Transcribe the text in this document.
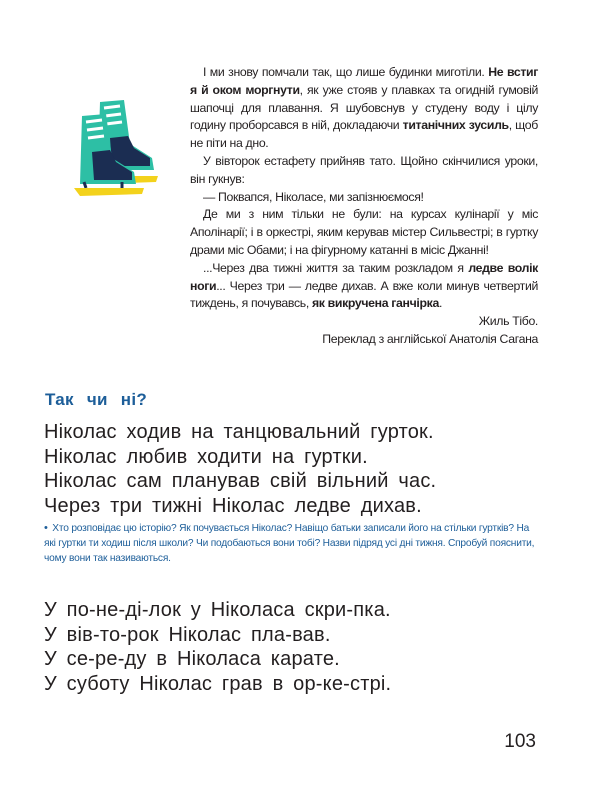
І ми знову помчали так, що лише будинки миготіли. Не встиг я й оком моргнути, як уже стояв у плавках та огидній гумовій шапочці для плавання. Я шубовснув у студену воду і цілу годину проборсався в ній, докладаючи титанічних зусиль, щоб не піти на дно.

У вівторок естафету прийняв тато. Щойно скінчилися уроки, він гукнув:

— Поквапся, Ніколасе, ми запізнюємося!

Де ми з ним тільки не були: на курсах кулінарії у міс Аполінарії; і в оркестрі, яким керував містер Сильвестрі; в гуртку драми міс Обами; і на фігурному катанні в місіс Джанні!

...Через два тижні життя за таким розкладом я ледве волік ноги... Через три — ледве дихав. А вже коли минув четвертий тиждень, я почувавсь, як викручена ганчірка.

Жиль Тібо.

Переклад з англійської Анатолія Сагана

Так чи ні?
Ніколас ходив на танцювальний гурток.
Ніколас любив ходити на гуртки.
Ніколас сам планував свій вільний час.
Через три тижні Ніколас ледве дихав.
• Хто розповідає цю історію? Як почувається Ніколас? Навіщо батьки записали його на стільки гуртків? На які гуртки ти ходиш після школи? Чи подобаються вони тобі? Назви підряд усі дні тижня. Спробуй пояснити, чому вони так називаються.
У по-не-ді-лок у Ніколаса скри-пка.
У вів-то-рок Ніколас пла-вав.
У се-ре-ду в Ніколаса карате.
У суботу Ніколас грав в ор-ке-стрі.
103
